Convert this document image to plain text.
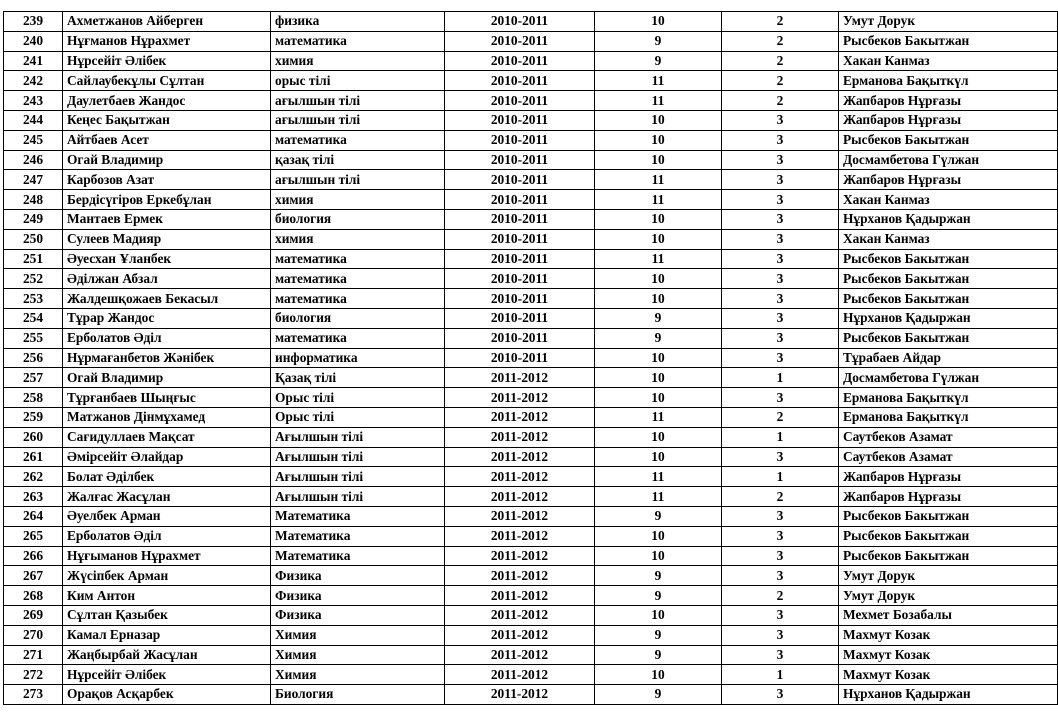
239	Ахметжанов Айберген	физика	2010-2011	10	2	Умут Дорук
240	Нұғманов Нұрахмет	математика	2010-2011	9	2	Рысбеков Бакытжан
241	Нұрсейіт Әлібек	химия	2010-2011	9	2	Хакан Канмаз
242	Сайлаубекұлы Сұлтан	орыс тілі	2010-2011	11	2	Ерманова Бақыткүл
243	Даулетбаев Жандос	ағылшын тілі	2010-2011	11	2	Жапбаров Нұрғазы
244	Кеңес Бақытжан	ағылшын тілі	2010-2011	10	3	Жапбаров Нұрғазы
245	Айтбаев Асет	математика	2010-2011	10	3	Рысбеков Бакытжан
246	Огай Владимир	қазақ тілі	2010-2011	10	3	Досмамбетова Гүлжан
247	Карбозов Азат	ағылшын тілі	2010-2011	11	3	Жапбаров Нұрғазы
248	Бердісүгіров Еркебұлан	химия	2010-2011	11	3	Хакан Канмаз
249	Мантаев Ермек	биология	2010-2011	10	3	Нұрханов Қадыржан
250	Сулеев Мадияр	химия	2010-2011	10	3	Хакан Канмаз
251	Әуесхан Ұланбек	математика	2010-2011	11	3	Рысбеков Бакытжан
252	Әділжан Абзал	математика	2010-2011	10	3	Рысбеков Бакытжан
253	Жалдешқожаев Бекасыл	математика	2010-2011	10	3	Рысбеков Бакытжан
254	Тұрар Жандос	биология	2010-2011	9	3	Нұрханов Қадыржан
255	Ерболатов Әділ	математика	2010-2011	9	3	Рысбеков Бакытжан
256	Нұрмағанбетов Жәнібек	информатика	2010-2011	10	3	Тұрабаев Айдар
257	Огай Владимир	Қазақ тілі	2011-2012	10	1	Досмамбетова Гүлжан
258	Тұрғанбаев Шыңғыс	Орыс тілі	2011-2012	10	3	Ерманова Бақыткүл
259	Матжанов Дінмұхамед	Орыс тілі	2011-2012	11	2	Ерманова Бақыткүл
260	Сағидуллаев Мақсат	Ағылшын тілі	2011-2012	10	1	Саутбеков Азамат
261	Әмірсейіт Әлайдар	Ағылшын тілі	2011-2012	10	3	Саутбеков Азамат
262	Болат Әділбек	Ағылшын тілі	2011-2012	11	1	Жапбаров Нұрғазы
263	Жалғас Жасұлан	Ағылшын тілі	2011-2012	11	2	Жапбаров Нұрғазы
264	Әуелбек Арман	Математика	2011-2012	9	3	Рысбеков Бакытжан
265	Ерболатов Әділ	Математика	2011-2012	10	3	Рысбеков Бакытжан
266	Нұғыманов Нұрахмет	Математика	2011-2012	10	3	Рысбеков Бакытжан
267	Жүсіпбек Арман	Физика	2011-2012	9	3	Умут Дорук
268	Ким Антон	Физика	2011-2012	9	2	Умут Дорук
269	Сұлтан Қазыбек	Физика	2011-2012	10	3	Мехмет Бозабалы
270	Камал Ерназар	Химия	2011-2012	9	3	Махмут Козак
271	Жаңбырбай Жасұлан	Химия	2011-2012	9	3	Махмут Козак
272	Нұрсейіт Әлібек	Химия	2011-2012	10	1	Махмут Козак
273	Орақов Асқарбек	Биология	2011-2012	9	3	Нұрханов Қадыржан
